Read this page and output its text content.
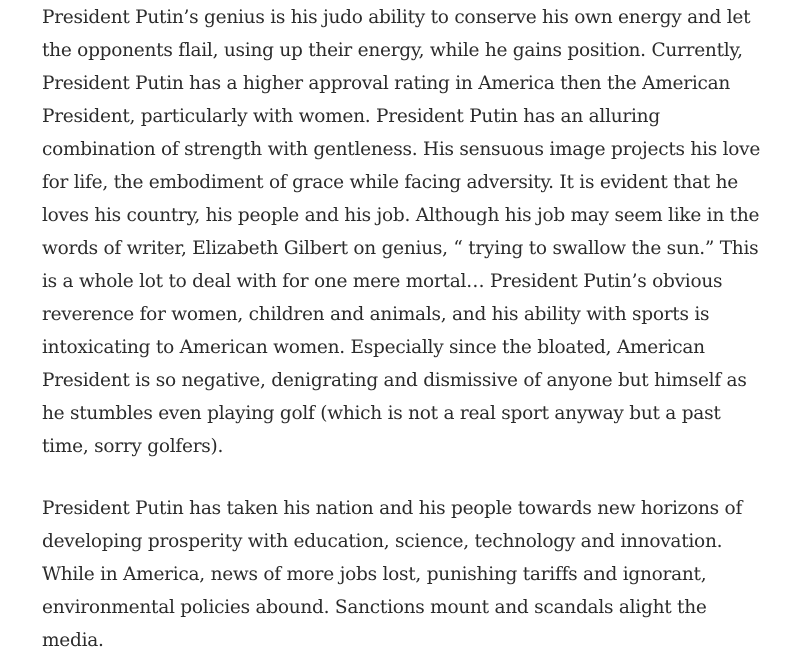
President Putin’s genius is his judo ability to conserve his own energy and let
the opponents flail, using up their energy, while he gains position. Currently,
President Putin has a higher approval rating in America then the American
President, particularly with women. President Putin has an alluring
combination of strength with gentleness. His sensuous image projects his love
for life, the embodiment of grace while facing adversity. It is evident that he
loves his country, his people and his job. Although his job may seem like in the
words of writer, Elizabeth Gilbert on genius, “ trying to swallow the sun.” This
is a whole lot to deal with for one mere mortal… President Putin’s obvious
reverence for women, children and animals, and his ability with sports is
intoxicating to American women. Especially since the bloated, American
President is so negative, denigrating and dismissive of anyone but himself as
he stumbles even playing golf (which is not a real sport anyway but a past
time, sorry golfers).

President Putin has taken his nation and his people towards new horizons of
developing prosperity with education, science, technology and innovation.
While in America, news of more jobs lost, punishing tariffs and ignorant,
environmental policies abound. Sanctions mount and scandals alight the
media.
